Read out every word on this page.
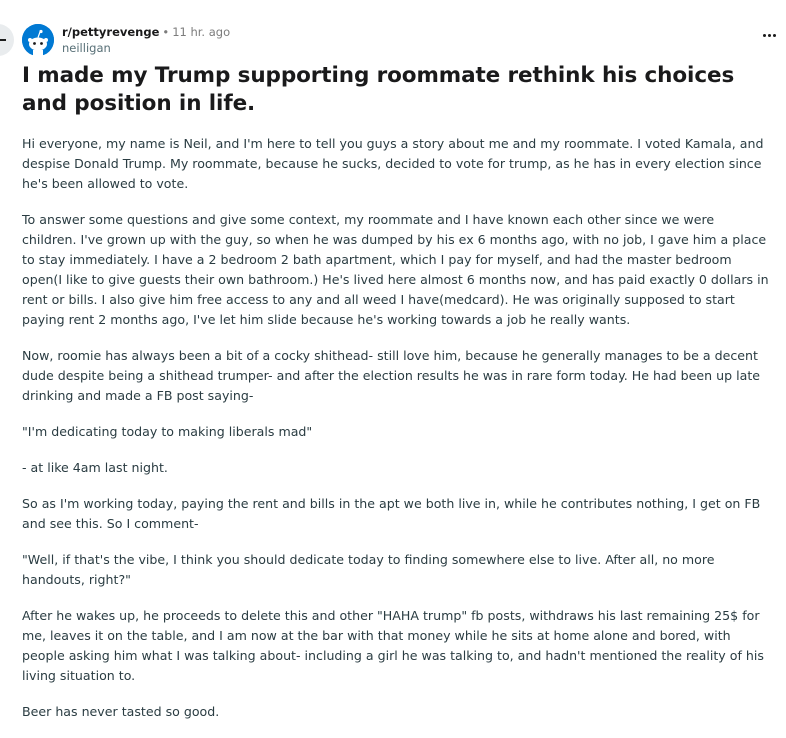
r/pettyrevenge • 11 hr. ago
neilligan
I made my Trump supporting roommate rethink his choices and position in life.

Hi everyone, my name is Neil, and I'm here to tell you guys a story about me and my roommate. I voted Kamala, and despise Donald Trump. My roommate, because he sucks, decided to vote for trump, as he has in every election since he's been allowed to vote.

To answer some questions and give some context, my roommate and I have known each other since we were children. I've grown up with the guy, so when he was dumped by his ex 6 months ago, with no job, I gave him a place to stay immediately. I have a 2 bedroom 2 bath apartment, which I pay for myself, and had the master bedroom open(I like to give guests their own bathroom.) He's lived here almost 6 months now, and has paid exactly 0 dollars in rent or bills. I also give him free access to any and all weed I have(medcard). He was originally supposed to start paying rent 2 months ago, I've let him slide because he's working towards a job he really wants.

Now, roomie has always been a bit of a cocky shithead- still love him, because he generally manages to be a decent dude despite being a shithead trumper- and after the election results he was in rare form today. He had been up late drinking and made a FB post saying-

"I'm dedicating today to making liberals mad"

- at like 4am last night.

So as I'm working today, paying the rent and bills in the apt we both live in, while he contributes nothing, I get on FB and see this. So I comment-

"Well, if that's the vibe, I think you should dedicate today to finding somewhere else to live. After all, no more handouts, right?"

After he wakes up, he proceeds to delete this and other "HAHA trump" fb posts, withdraws his last remaining 25$ for me, leaves it on the table, and I am now at the bar with that money while he sits at home alone and bored, with people asking him what I was talking about- including a girl he was talking to, and hadn't mentioned the reality of his living situation to.

Beer has never tasted so good.
